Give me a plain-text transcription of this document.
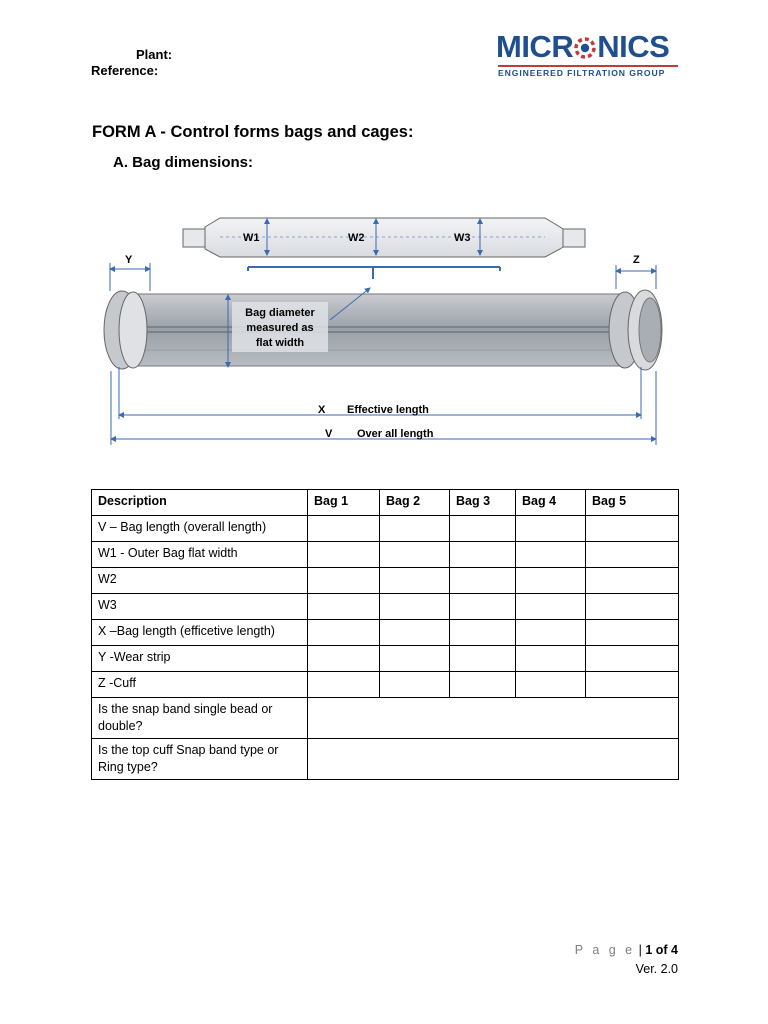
Plant:
Reference:
MICR NICS
ENGINEERED FILTRATION GROUP
FORM A - Control forms bags and cages:
A. Bag dimensions:
W1	W2	W3
Y	Z
Bag diameter
measured as
flat width
X Effective length
V Over all length
Description	Bag 1	Bag 2	Bag 3	Bag 4	Bag 5
V – Bag length (overall length)					
W1 - Outer Bag flat width					
W2					
W3					
X –Bag length (efficetive length)					
Y -Wear strip					
Z -Cuff					
Is the snap band single bead or double?					
Is the top cuff Snap band type or Ring type?					
P a g e | 1 of 4
Ver. 2.0
